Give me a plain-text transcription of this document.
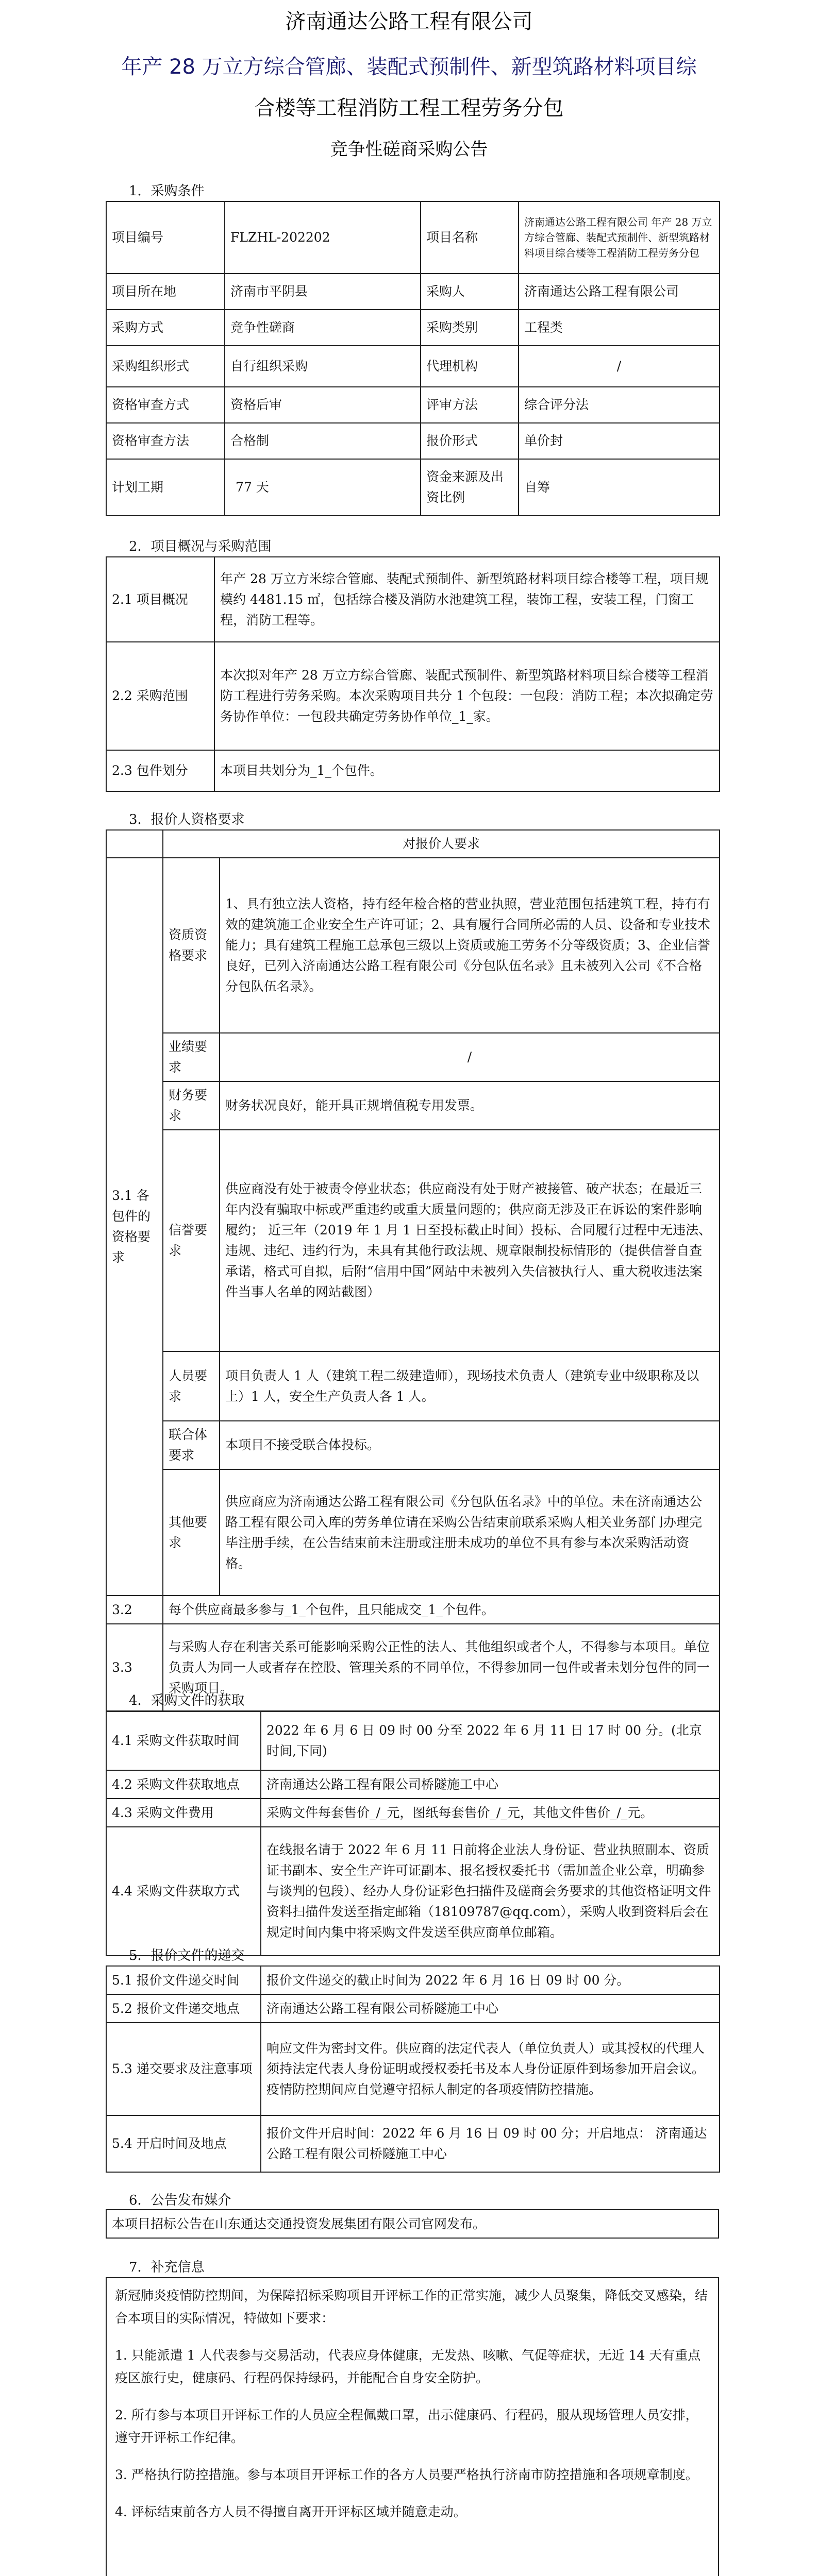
济南通达公路工程有限公司
年产 28 万立方综合管廊、装配式预制件、新型筑路材料项目综
合楼等工程消防工程工程劳务分包
竞争性磋商采购公告
1．采购条件
项目编号	FLZHL-202202	项目名称	济南通达公路工程有限公司 年产 28 万立方综合管廊、装配式预制件、新型筑路材料项目综合楼等工程消防工程劳务分包
项目所在地	济南市平阴县	采购人	济南通达公路工程有限公司
采购方式	竞争性磋商	采购类别	工程类
采购组织形式	自行组织采购	代理机构	/
资格审查方式	资格后审	评审方法	综合评分法
资格审查方法	合格制	报价形式	单价封
计划工期	77 天	资金来源及出资比例	自筹
2．项目概况与采购范围
2.1 项目概况	年产 28 万立方米综合管廊、装配式预制件、新型筑路材料项目综合楼等工程，项目规模约 4481.15 ㎡，包括综合楼及消防水池建筑工程，装饰工程，安装工程，门窗工程，消防工程等。
2.2 采购范围	本次拟对年产 28 万立方综合管廊、装配式预制件、新型筑路材料项目综合楼等工程消防工程进行劳务采购。本次采购项目共分 1 个包段：一包段：消防工程；本次拟确定劳务协作单位：一包段共确定劳务协作单位_1_家。
2.3 包件划分	本项目共划分为_1_个包件。
3．报价人资格要求
	对报价人要求	
3.1 各包件的资格要求	资质资格要求	1、具有独立法人资格，持有经年检合格的营业执照，营业范围包括建筑工程，持有有效的建筑施工企业安全生产许可证；2、具有履行合同所必需的人员、设备和专业技术能力；具有建筑工程施工总承包三级以上资质或施工劳务不分等级资质；3、企业信誉良好，已列入济南通达公路工程有限公司《分包队伍名录》且未被列入公司《不合格分包队伍名录》。
	业绩要求	/
	财务要求	财务状况良好，能开具正规增值税专用发票。
	信誉要求	供应商没有处于被责令停业状态；供应商没有处于财产被接管、破产状态；在最近三年内没有骗取中标或严重违约或重大质量问题的；供应商无涉及正在诉讼的案件影响履约； 近三年（2019 年 1 月 1 日至投标截止时间）投标、合同履行过程中无违法、违规、违纪、违约行为，未具有其他行政法规、规章限制投标情形的（提供信誉自查承诺，格式可自拟，后附“信用中国”网站中未被列入失信被执行人、重大税收违法案件当事人名单的网站截图）
	人员要求	项目负责人 1 人（建筑工程二级建造师），现场技术负责人（建筑专业中级职称及以上）1 人，安全生产负责人各 1 人。
	联合体要求	本项目不接受联合体投标。
	其他要求	供应商应为济南通达公路工程有限公司《分包队伍名录》中的单位。未在济南通达公路工程有限公司入库的劳务单位请在采购公告结束前联系采购人相关业务部门办理完毕注册手续，在公告结束前未注册或注册未成功的单位不具有参与本次采购活动资格。
3.2	每个供应商最多参与_1_个包件，且只能成交_1_个包件。	
3.3	与采购人存在利害关系可能影响采购公正性的法人、其他组织或者个人，不得参与本项目。单位负责人为同一人或者存在控股、管理关系的不同单位，不得参加同一包件或者未划分包件的同一采购项目。	
4．采购文件的获取
4.1 采购文件获取时间	2022 年 6 月 6 日 09 时 00 分至 2022 年 6 月 11 日 17 时 00 分。(北京时间,下同)
4.2 采购文件获取地点	济南通达公路工程有限公司桥隧施工中心
4.3 采购文件费用	采购文件每套售价_/_元，图纸每套售价_/_元，其他文件售价_/_元。
4.4 采购文件获取方式	在线报名请于 2022 年 6 月 11 日前将企业法人身份证、营业执照副本、资质证书副本、安全生产许可证副本、报名授权委托书（需加盖企业公章，明确参与谈判的包段）、经办人身份证彩色扫描件及磋商会务要求的其他资格证明文件资料扫描件发送至指定邮箱（18109787@qq.com），采购人收到资料后会在规定时间内集中将采购文件发送至供应商单位邮箱。
5．报价文件的递交
5.1 报价文件递交时间	报价文件递交的截止时间为 2022 年 6 月 16 日 09 时 00 分。
5.2 报价文件递交地点	济南通达公路工程有限公司桥隧施工中心
5.3 递交要求及注意事项	响应文件为密封文件。供应商的法定代表人（单位负责人）或其授权的代理人须持法定代表人身份证明或授权委托书及本人身份证原件到场参加开启会议。疫情防控期间应自觉遵守招标人制定的各项疫情防控措施。
5.4 开启时间及地点	报价文件开启时间：2022 年 6 月 16 日 09 时 00 分；开启地点： 济南通达公路工程有限公司桥隧施工中心
6．公告发布媒介
本项目招标公告在山东通达交通投资发展集团有限公司官网发布。
7．补充信息

新冠肺炎疫情防控期间，为保障招标采购项目开评标工作的正常实施，减少人员聚集，降低交叉感染，结合本项目的实际情况，特做如下要求：

1. 只能派遣 1 人代表参与交易活动，代表应身体健康，无发热、咳嗽、气促等症状，无近 14 天有重点疫区旅行史，健康码、行程码保持绿码，并能配合自身安全防护。

2. 所有参与本项目开评标工作的人员应全程佩戴口罩，出示健康码、行程码，服从现场管理人员安排，遵守开评标工作纪律。

3. 严格执行防控措施。参与本项目开评标工作的各方人员要严格执行济南市防控措施和各项规章制度。

4. 评标结束前各方人员不得擅自离开开评标区域并随意走动。
